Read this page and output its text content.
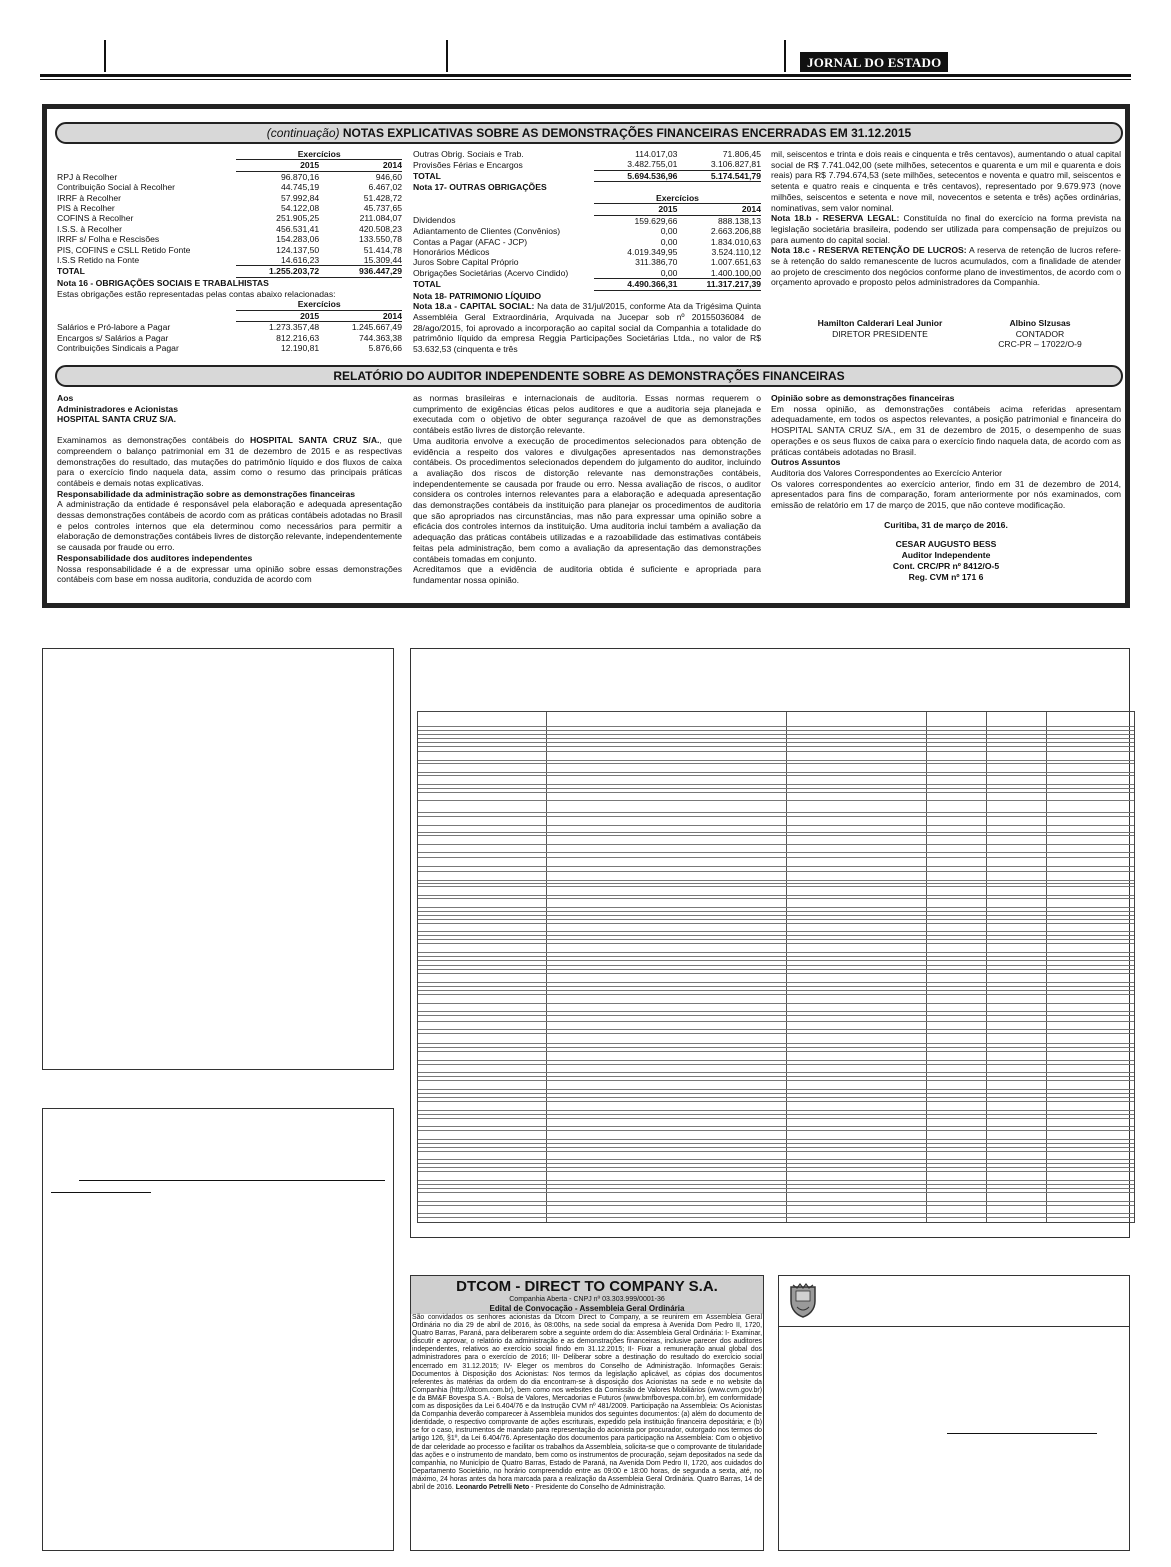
JORNAL DO ESTADO
(continuação) NOTAS EXPLICATIVAS SOBRE AS DEMONSTRAÇÕES FINANCEIRAS ENCERRADAS EM 31.12.2015
	Exercícios	
	2015	2014
RPJ à Recolher	96.870,16	946,60
Contribuição Social à Recolher	44.745,19	6.467,02
IRRF à Recolher	57.992,84	51.428,72
PIS à Recolher	54.122,08	45.737,65
COFINS à Recolher	251.905,25	211.084,07
I.S.S. à Recolher	456.531,41	420.508,23
IRRF s/ Folha e Rescisões	154.283,06	133.550,78
PIS, COFINS e CSLL Retido Fonte	124.137,50	51.414,78
I.S.S Retido na Fonte	14.616,23	15.309,44
TOTAL	1.255.203,72	936.447,29
Nota 16 - OBRIGAÇÕES SOCIAIS E TRABALHISTAS
Estas obrigações estão representadas pelas contas abaixo relacionadas:
	Exercícios	
	2015	2014
Salários e Pró-labore a Pagar	1.273.357,48	1.245.667,49
Encargos s/ Salários a Pagar	812.216,63	744.363,38
Contribuições Sindicais a Pagar	12.190,81	5.876,66
Outras Obrig. Sociais e Trab.	114.017,03	71.806,45
Provisões Férias e Encargos	3.482.755,01	3.106.827,81
TOTAL	5.694.536,96	5.174.541,79
Nota 17- OUTRAS OBRIGAÇÕES
	Exercícios	
	2015	2014
Dividendos	159.629,66	888.138,13
Adiantamento de Clientes (Convênios)	0,00	2.663.206,88
Contas a Pagar (AFAC - JCP)	0,00	1.834.010,63
Honorários Médicos	4.019.349,95	3.524.110,12
Juros Sobre Capital Próprio	311.386,70	1.007.651,63
Obrigações Societárias (Acervo Cindido)	0,00	1.400.100,00
TOTAL	4.490.366,31	11.317.217,39
Nota 18- PATRIMONIO LÍQUIDO

Nota 18.a - CAPITAL SOCIAL: Na data de 31/jul/2015, conforme Ata da Trigésima Quinta Assembléia Geral Extraordinária, Arquivada na Jucepar sob nº 20155036084 de 28/ago/2015, foi aprovado a incorporação ao capital social da Companhia a totalidade do patrimônio líquido da empresa Reggia Participações Societárias Ltda., no valor de R$ 53.632,53 (cinquenta e três

mil, seiscentos e trinta e dois reais e cinquenta e três centavos), aumentando o atual capital social de R$ 7.741.042,00 (sete milhões, setecentos e quarenta e um mil e quarenta e dois reais) para R$ 7.794.674,53 (sete milhões, setecentos e noventa e quatro mil, seiscentos e setenta e quatro reais e cinquenta e três centavos), representado por 9.679.973 (nove milhões, seiscentos e setenta e nove mil, novecentos e setenta e três) ações ordinárias, nominativas, sem valor nominal.

Nota 18.b - RESERVA LEGAL: Constituída no final do exercício na forma prevista na legislação societária brasileira, podendo ser utilizada para compensação de prejuízos ou para aumento do capital social.

Nota 18.c - RESERVA RETENÇÃO DE LUCROS: A reserva de retenção de lucros refere-se à retenção do saldo remanescente de lucros acumulados, com a finalidade de atender ao projeto de crescimento dos negócios conforme plano de investimentos, de acordo com o orçamento aprovado e proposto pelos administradores da Companhia.

Hamilton Calderari Leal Junior
DIRETOR PRESIDENTE
Albino Slzusas
CONTADOR
CRC-PR – 17022/O-9
RELATÓRIO DO AUDITOR INDEPENDENTE SOBRE AS DEMONSTRAÇÕES FINANCEIRAS
Aos
Administradores e Acionistas
HOSPITAL SANTA CRUZ S/A.

Examinamos as demonstrações contábeis do HOSPITAL SANTA CRUZ S/A., que compreendem o balanço patrimonial em 31 de dezembro de 2015 e as respectivas demonstrações do resultado, das mutações do patrimônio líquido e dos fluxos de caixa para o exercício findo naquela data, assim como o resumo das principais práticas contábeis e demais notas explicativas.

Responsabilidade da administração sobre as demonstrações financeiras

A administração da entidade é responsável pela elaboração e adequada apresentação dessas demonstrações contábeis de acordo com as práticas contábeis adotadas no Brasil e pelos controles internos que ela determinou como necessários para permitir a elaboração de demonstrações contábeis livres de distorção relevante, independentemente se causada por fraude ou erro.

Responsabilidade dos auditores independentes

Nossa responsabilidade é a de expressar uma opinião sobre essas demonstrações contábeis com base em nossa auditoria, conduzida de acordo com

as normas brasileiras e internacionais de auditoria. Essas normas requerem o cumprimento de exigências éticas pelos auditores e que a auditoria seja planejada e executada com o objetivo de obter segurança razoável de que as demonstrações contábeis estão livres de distorção relevante.

Uma auditoria envolve a execução de procedimentos selecionados para obtenção de evidência a respeito dos valores e divulgações apresentados nas demonstrações contábeis. Os procedimentos selecionados dependem do julgamento do auditor, incluindo a avaliação dos riscos de distorção relevante nas demonstrações contábeis, independentemente se causada por fraude ou erro. Nessa avaliação de riscos, o auditor considera os controles internos relevantes para a elaboração e adequada apresentação das demonstrações contábeis da instituição para planejar os procedimentos de auditoria que são apropriados nas circunstâncias, mas não para expressar uma opinião sobre a eficácia dos controles internos da instituição. Uma auditoria inclui também a avaliação da adequação das práticas contábeis utilizadas e a razoabilidade das estimativas contábeis feitas pela administração, bem como a avaliação da apresentação das demonstrações contábeis tomadas em conjunto.

Acreditamos que a evidência de auditoria obtida é suficiente e apropriada para fundamentar nossa opinião.

Opinião sobre as demonstrações financeiras

Em nossa opinião, as demonstrações contábeis acima referidas apresentam adequadamente, em todos os aspectos relevantes, a posição patrimonial e financeira do HOSPITAL SANTA CRUZ S/A., em 31 de dezembro de 2015, o desempenho de suas operações e os seus fluxos de caixa para o exercício findo naquela data, de acordo com as práticas contábeis adotadas no Brasil.

Outros Assuntos
Auditoria dos Valores Correspondentes ao Exercício Anterior

Os valores correspondentes ao exercício anterior, findo em 31 de dezembro de 2014, apresentados para fins de comparação, foram anteriormente por nós examinados, com emissão de relatório em 17 de março de 2015, que não conteve modificação.

Curitiba, 31 de março de 2016.
CESAR AUGUSTO BESS
Auditor Independente
Cont. CRC/PR nº 8412/O-5
Reg. CVM nº 171 6
DTCOM - DIRECT TO COMPANY S.A.
Companhia Aberta - CNPJ nº 03.303.999/0001-36
Edital de Convocação - Assembleia Geral Ordinária
São convidados os senhores acionistas da Dtcom Direct to Company, a se reunirem em Assembleia Geral Ordinária no dia 29 de abril de 2016, às 08:00hs, na sede social da empresa à Avenida Dom Pedro II, 1720, Quatro Barras, Paraná, para deliberarem sobre a seguinte ordem do dia: Assembleia Geral Ordinária: I- Examinar, discutir e aprovar, o relatório da administração e as demonstrações financeiras, inclusive parecer dos auditores independentes, relativos ao exercício social findo em 31.12.2015; II- Fixar a remuneração anual global dos administradores para o exercício de 2016; III- Deliberar sobre a destinação do resultado do exercício social encerrado em 31.12.2015; IV- Eleger os membros do Conselho de Administração. Informações Gerais: Documentos à Disposição dos Acionistas: Nos termos da legislação aplicável, as cópias dos documentos referentes às matérias da ordem do dia encontram-se à disposição dos Acionistas na sede e no website da Companhia (http://dtcom.com.br), bem como nos websites da Comissão de Valores Mobiliários (www.cvm.gov.br) e da BM&F Bovespa S.A. - Bolsa de Valores, Mercadorias e Futuros (www.bmfbovespa.com.br), em conformidade com as disposições da Lei 6.404/76 e da Instrução CVM nº 481/2009. Participação na Assembleia: Os Acionistas da Companhia deverão comparecer à Assembleia munidos dos seguintes documentos: (a) além do documento de identidade, o respectivo comprovante de ações escriturais, expedido pela instituição financeira depositária; e (b) se for o caso, instrumentos de mandato para representação do acionista por procurador, outorgado nos termos do artigo 126, §1º, da Lei 6.404/76. Apresentação dos documentos para participação na Assembleia: Com o objetivo de dar celeridade ao processo e facilitar os trabalhos da Assembleia, solicita-se que o comprovante de titularidade das ações e o instrumento de mandato, bem como os instrumentos de procuração, sejam depositados na sede da companhia, no Município de Quatro Barras, Estado de Paraná, na Avenida Dom Pedro II, 1720, aos cuidados do Departamento Societário, no horário compreendido entre as 09:00 e 18:00 horas, de segunda a sexta, até, no máximo, 24 horas antes da hora marcada para a realização da Assembleia Geral Ordinária. Quatro Barras, 14 de abril de 2016. Leonardo Petrelli Neto - Presidente do Conselho de Administração.
